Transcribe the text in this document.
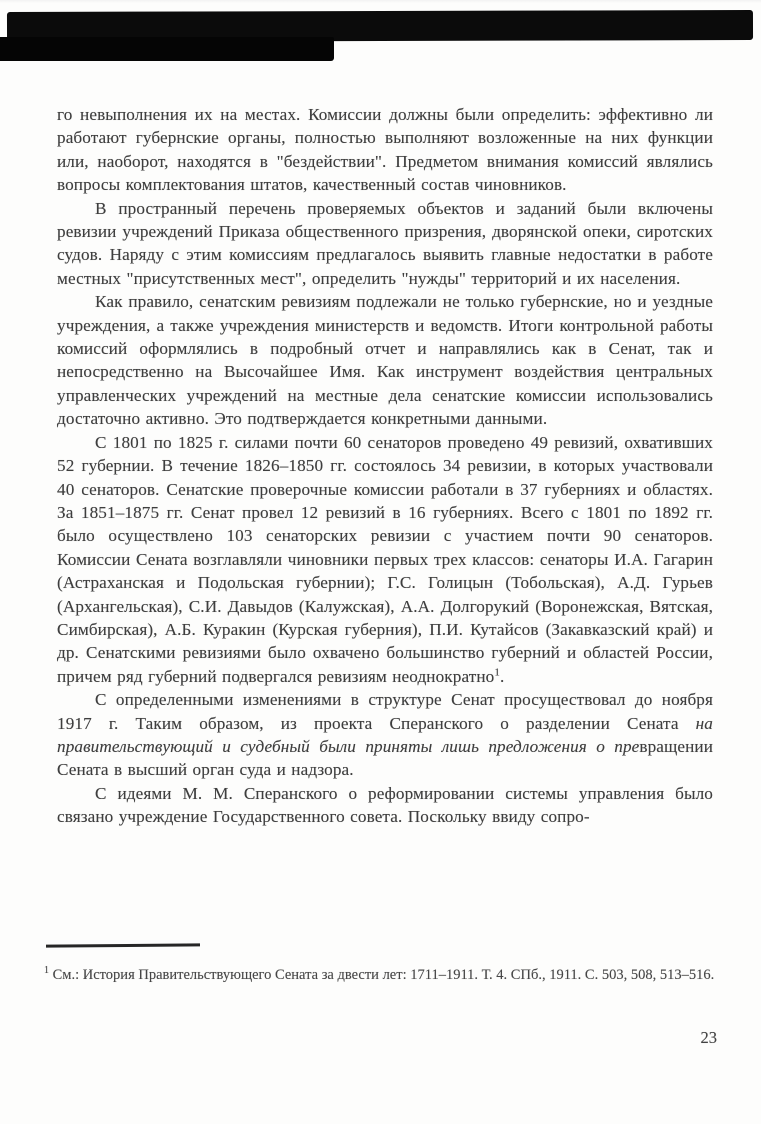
го невыполнения их на местах. Комиссии должны были определить: эффективно ли работают губернские органы, полностью выполняют возложенные на них функции или, наоборот, находятся в "бездействии". Предметом внимания комиссий являлись вопросы комплектования штатов, качественный состав чиновников.

В пространный перечень проверяемых объектов и заданий были включены ревизии учреждений Приказа общественного призрения, дворянской опеки, сиротских судов. Наряду с этим комиссиям предлагалось выявить главные недостатки в работе местных "присутственных мест", определить "нужды" территорий и их населения.

Как правило, сенатским ревизиям подлежали не только губернские, но и уездные учреждения, а также учреждения министерств и ведомств. Итоги контрольной работы комиссий оформлялись в подробный отчет и направлялись как в Сенат, так и непосредственно на Высочайшее Имя. Как инструмент воздействия центральных управленческих учреждений на местные дела сенатские комиссии использовались достаточно активно. Это подтверждается конкретными данными.

С 1801 по 1825 г. силами почти 60 сенаторов проведено 49 ревизий, охвативших 52 губернии. В течение 1826–1850 гг. состоялось 34 ревизии, в которых участвовали 40 сенаторов. Сенатские проверочные комиссии работали в 37 губерниях и областях. За 1851–1875 гг. Сенат провел 12 ревизий в 16 губерниях. Всего с 1801 по 1892 гг. было осуществлено 103 сенаторских ревизии с участием почти 90 сенаторов. Комиссии Сената возглавляли чиновники первых трех классов: сенаторы И.А. Гагарин (Астраханская и Подольская губернии); Г.С. Голицын (Тобольская), А.Д. Гурьев (Архангельская), С.И. Давыдов (Калужская), А.А. Долгорукий (Воронежская, Вятская, Симбирская), А.Б. Куракин (Курская губерния), П.И. Кутайсов (Закавказский край) и др. Сенатскими ревизиями было охвачено большинство губерний и областей России, причем ряд губерний подвергался ревизиям неоднократно$^1$.

С определенными изменениями в структуре Сенат просуществовал до ноября 1917 г. Таким образом, из проекта Сперанского о разделении Сената на правительствующий и судебный были приняты лишь предложения о превращении Сената в высший орган суда и надзора.

С идеями М. М. Сперанского о реформировании системы управления было связано учреждение Государственного совета. Поскольку ввиду сопро-

$^1$ См.: История Правительствующего Сената за двести лет: 1711–1911. Т. 4. СПб., 1911. С. 503, 508, 513–516.
23
